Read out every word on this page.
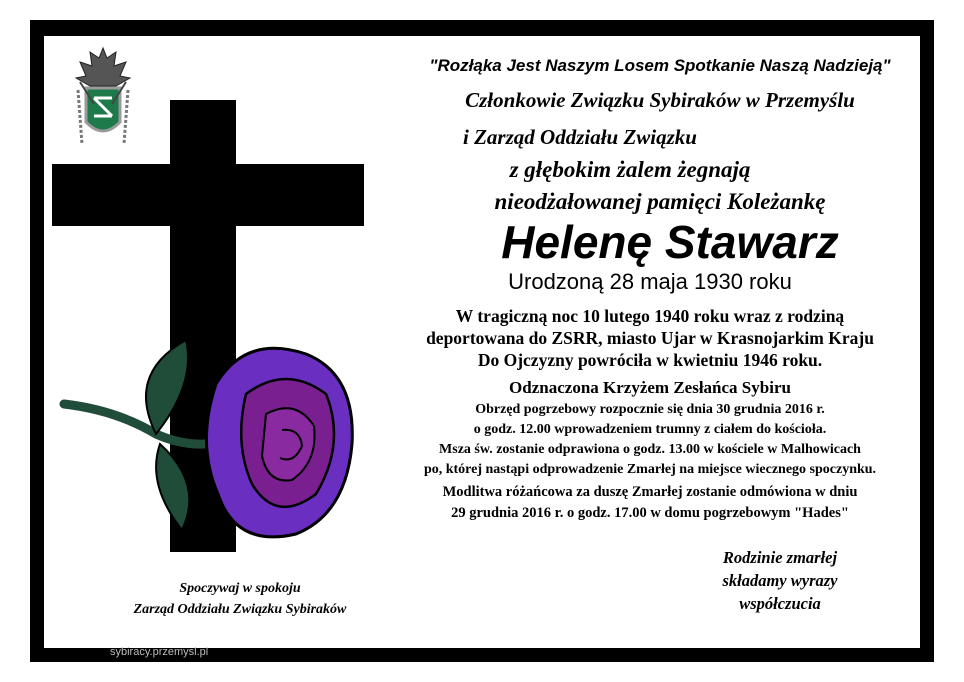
"Rozłąka Jest Naszym Losem Spotkanie Naszą Nadzieją"

Członkowie Związku Sybiraków w Przemyślu

i Zarząd Oddziału Związku

z głębokim żalem żegnają

nieodżałowanej pamięci Koleżankę

Helenę Stawarz

Urodzoną 28 maja 1930 roku

W tragiczną noc 10 lutego 1940 roku wraz z rodziną
deportowana do ZSRR, miasto Ujar w Krasnojarkim Kraju
Do Ojczyzny powróciła w kwietniu 1946 roku.

Odznaczona Krzyżem Zesłańca Sybiru

Obrzęd pogrzebowy rozpocznie się dnia 30 grudnia 2016 r.
o godz. 12.00 wprowadzeniem trumny z ciałem do kościoła.
Msza św. zostanie odprawiona o godz. 13.00 w kościele w Malhowicach
po, której nastąpi odprowadzenie Zmarłej na miejsce wiecznego spoczynku.
Modlitwa różańcowa za duszę Zmarłej zostanie odmówiona w dniu
29 grudnia 2016 r. o godz. 17.00 w domu pogrzebowym "Hades"
Rodzinie zmarłej
składamy wyrazy
współczucia
Spoczywaj w spokoju
Zarząd Oddziału Związku Sybiraków

sybiracy.przemysl.pl
